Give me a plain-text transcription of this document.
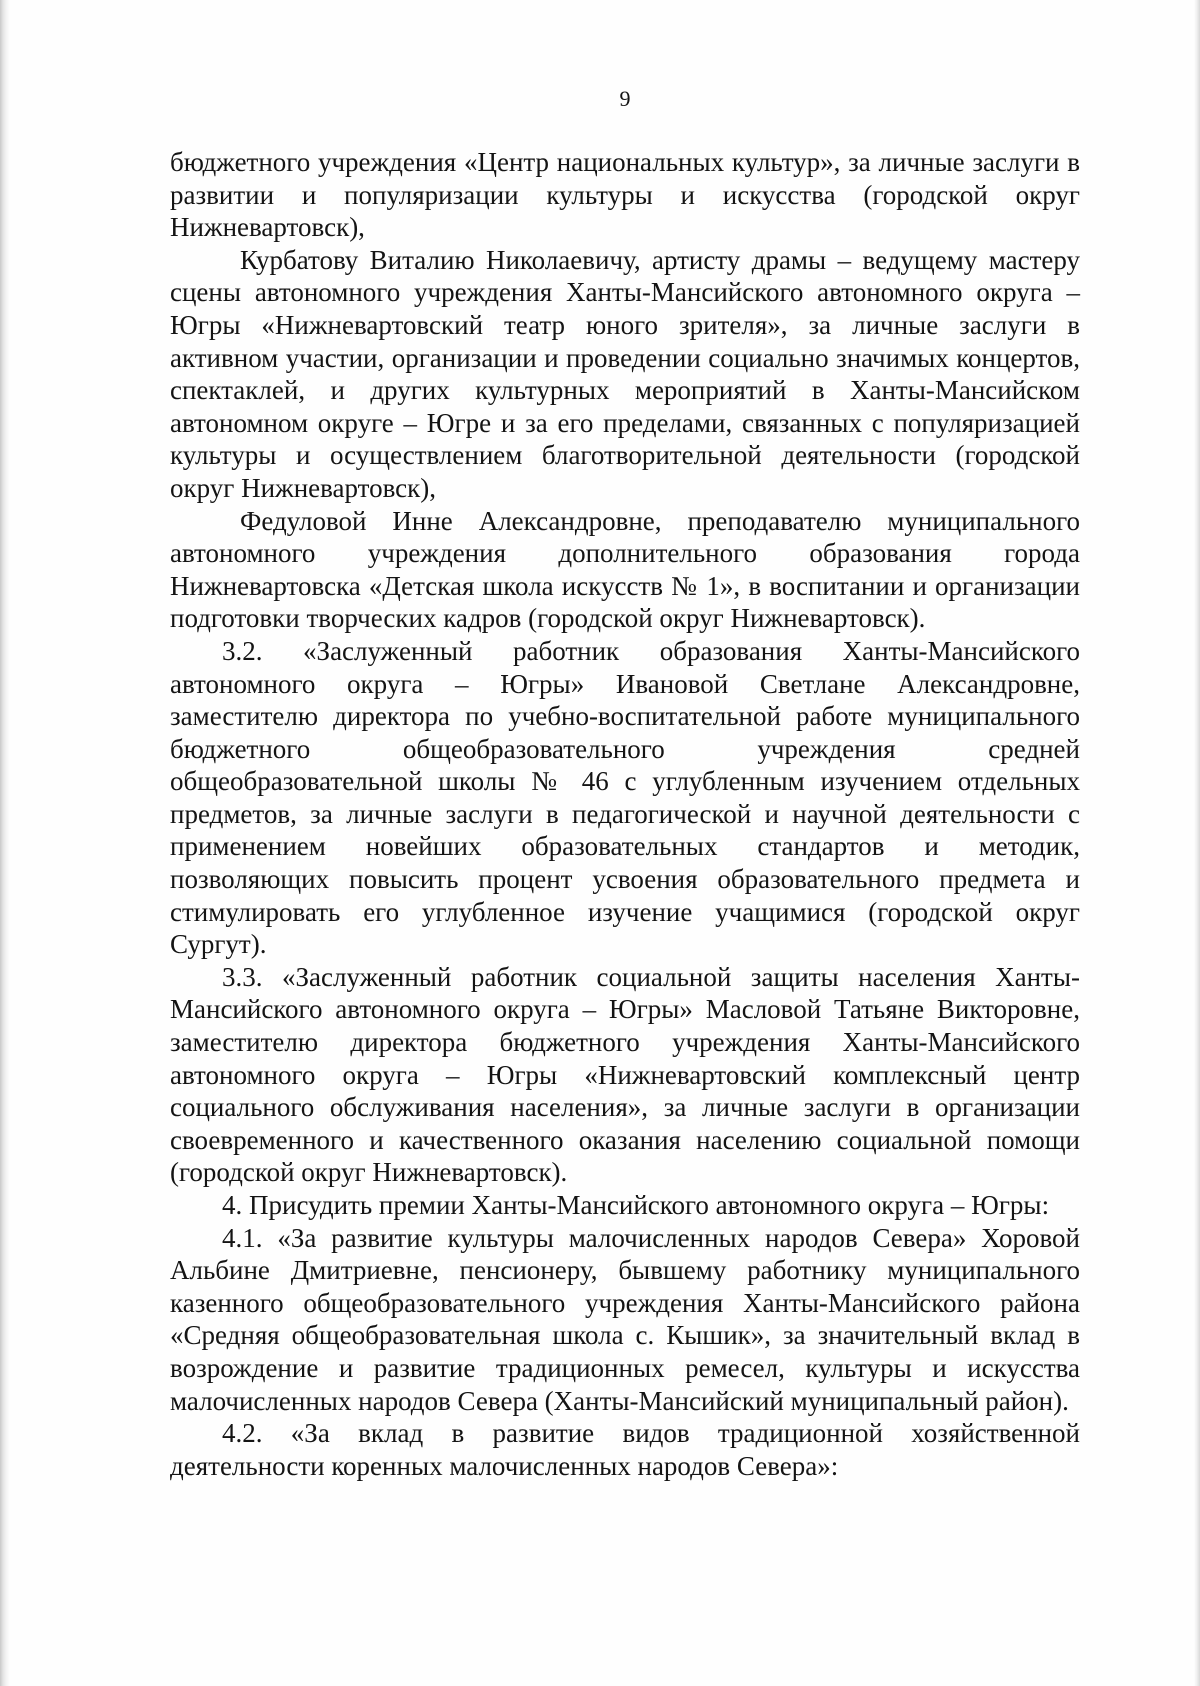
9

бюджетного учреждения «Центр национальных культур», за личные заслуги в развитии и популяризации культуры и искусства (городской округ Нижневартовск),

Курбатову Виталию Николаевичу, артисту драмы – ведущему мастеру сцены автономного учреждения Ханты-Мансийского автономного округа – Югры «Нижневартовский театр юного зрителя», за личные заслуги в активном участии, организации и проведении социально значимых концертов, спектаклей, и других культурных мероприятий в Ханты-Мансийском автономном округе – Югре и за его пределами, связанных с популяризацией культуры и осуществлением благотворительной деятельности (городской округ Нижневартовск),

Федуловой Инне Александровне, преподавателю муниципального автономного учреждения дополнительного образования города Нижневартовска «Детская школа искусств № 1», в воспитании и организации подготовки творческих кадров (городской округ Нижневартовск).

3.2. «Заслуженный работник образования Ханты-Мансийского автономного округа – Югры» Ивановой Светлане Александровне, заместителю директора по учебно-воспитательной работе муниципального бюджетного общеобразовательного учреждения средней общеобразовательной школы № 46 с углубленным изучением отдельных предметов, за личные заслуги в педагогической и научной деятельности с применением новейших образовательных стандартов и методик, позволяющих повысить процент усвоения образовательного предмета и стимулировать его углубленное изучение учащимися (городской округ Сургут).

3.3. «Заслуженный работник социальной защиты населения Ханты-Мансийского автономного округа – Югры» Масловой Татьяне Викторовне, заместителю директора бюджетного учреждения Ханты-Мансийского автономного округа – Югры «Нижневартовский комплексный центр социального обслуживания населения», за личные заслуги в организации своевременного и качественного оказания населению социальной помощи (городской округ Нижневартовск).

4. Присудить премии Ханты-Мансийского автономного округа – Югры:

4.1. «За развитие культуры малочисленных народов Севера» Хоровой Альбине Дмитриевне, пенсионеру, бывшему работнику муниципального казенного общеобразовательного учреждения Ханты-Мансийского района «Средняя общеобразовательная школа с. Кышик», за значительный вклад в возрождение и развитие традиционных ремесел, культуры и искусства малочисленных народов Севера (Ханты-Мансийский муниципальный район).

4.2. «За вклад в развитие видов традиционной хозяйственной деятельности коренных малочисленных народов Севера»:
